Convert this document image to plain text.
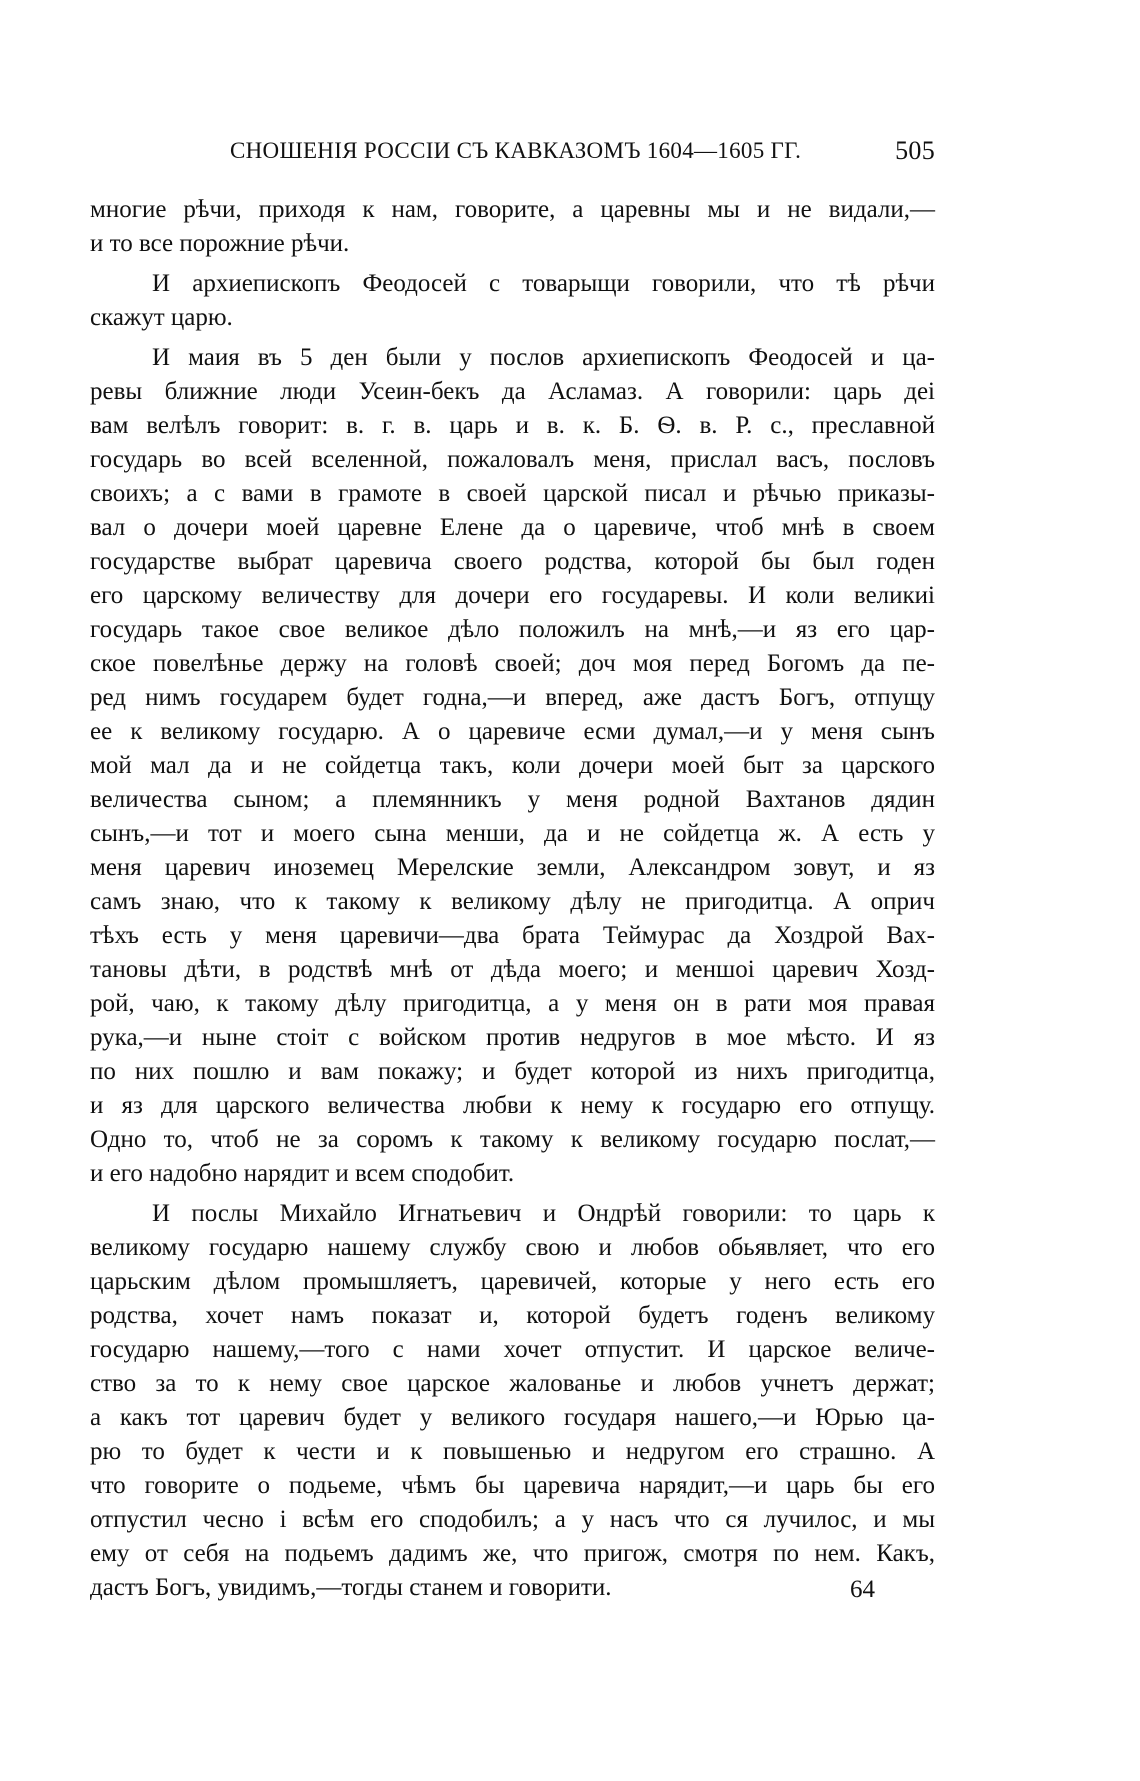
СНОШЕНІЯ РОССІИ СЪ КАВКАЗОМЪ 1604—1605 ГГ.	505

многие рѣчи, приходя к нам, говорите, а царевны мы и не видали,—
и то все порожние рѣчи.

И архиепископъ Феодосей с товарыщи говорили, что тѣ рѣчи
скажут царю.

И маия въ 5 ден были у послов архиепископъ Феодосей и ца-
ревы ближние люди Усеин-бекъ да Асламаз. А говорили: царь деі
вам велѣлъ говорит: в. г. в. царь и в. к. Б. Ѳ. в. Р. с., преславной
государь во всей вселенной, пожаловалъ меня, прислал васъ, пословъ
своихъ; а с вами в грамоте в своей царской писал и рѣчью приказы-
вал о дочери моей царевне Елене да о царевиче, чтоб мнѣ в своем
государстве выбрат царевича своего родства, которой бы был годен
его царскому величеству для дочери его государевы. И коли великиі
государь такое свое великое дѣло положилъ на мнѣ,—и яз его цар-
ское повелѣнье держу на головѣ своей; доч моя перед Богомъ да пе-
ред нимъ государем будет годна,—и вперед, аже дастъ Богъ, отпущу
ее к великому государю. А о царевиче есми думал,—и у меня сынъ
мой мал да и не сойдетца такъ, коли дочери моей быт за царского
величества сыном; а племянникъ у меня родной Вахтанов дядин
сынъ,—и тот и моего сына менши, да и не сойдетца ж. А есть у
меня царевич иноземец Мерелские земли, Александром зовут, и яз
самъ знаю, что к такому к великому дѣлу не пригодитца. А оприч
тѣхъ есть у меня царевичи—два брата Теймурас да Хоздрой Вах-
тановы дѣти, в родствѣ мнѣ от дѣда моего; и меншоі царевич Хозд-
рой, чаю, к такому дѣлу пригодитца, а у меня он в рати моя правая
рука,—и ныне стоіт с войском против недругов в мое мѣсто. И яз
по них пошлю и вам покажу; и будет которой из нихъ пригодитца,
и яз для царского величества любви к нему к государю его отпущу.
Одно то, чтоб не за соромъ к такому к великому государю послат,—
и его надобно нарядит и всем сподобит.

И послы Михайло Игнатьевич и Ондрѣй говорили: то царь к
великому государю нашему службу свою и любов обьявляет, что его
царьским дѣлом промышляетъ, царевичей, которые у него есть его
родства, хочет намъ показат и, которой будетъ годенъ великому
государю нашему,—того с нами хочет отпустит. И царское величе-
ство за то к нему свое царское жалованье и любов учнетъ держат;
а какъ тот царевич будет у великого государя нашего,—и Юрью ца-
рю то будет к чести и к повышенью и недругом его страшно. А
что говорите о подьеме, чѣмъ бы царевича нарядит,—и царь бы его
отпустил чесно і всѣм его сподобилъ; а у насъ что ся лучилос, и мы
ему от себя на подьемъ дадимъ же, что пригож, смотря по нем. Какъ,
дастъ Богъ, увидимъ,—тогды станем и говорити.	64
